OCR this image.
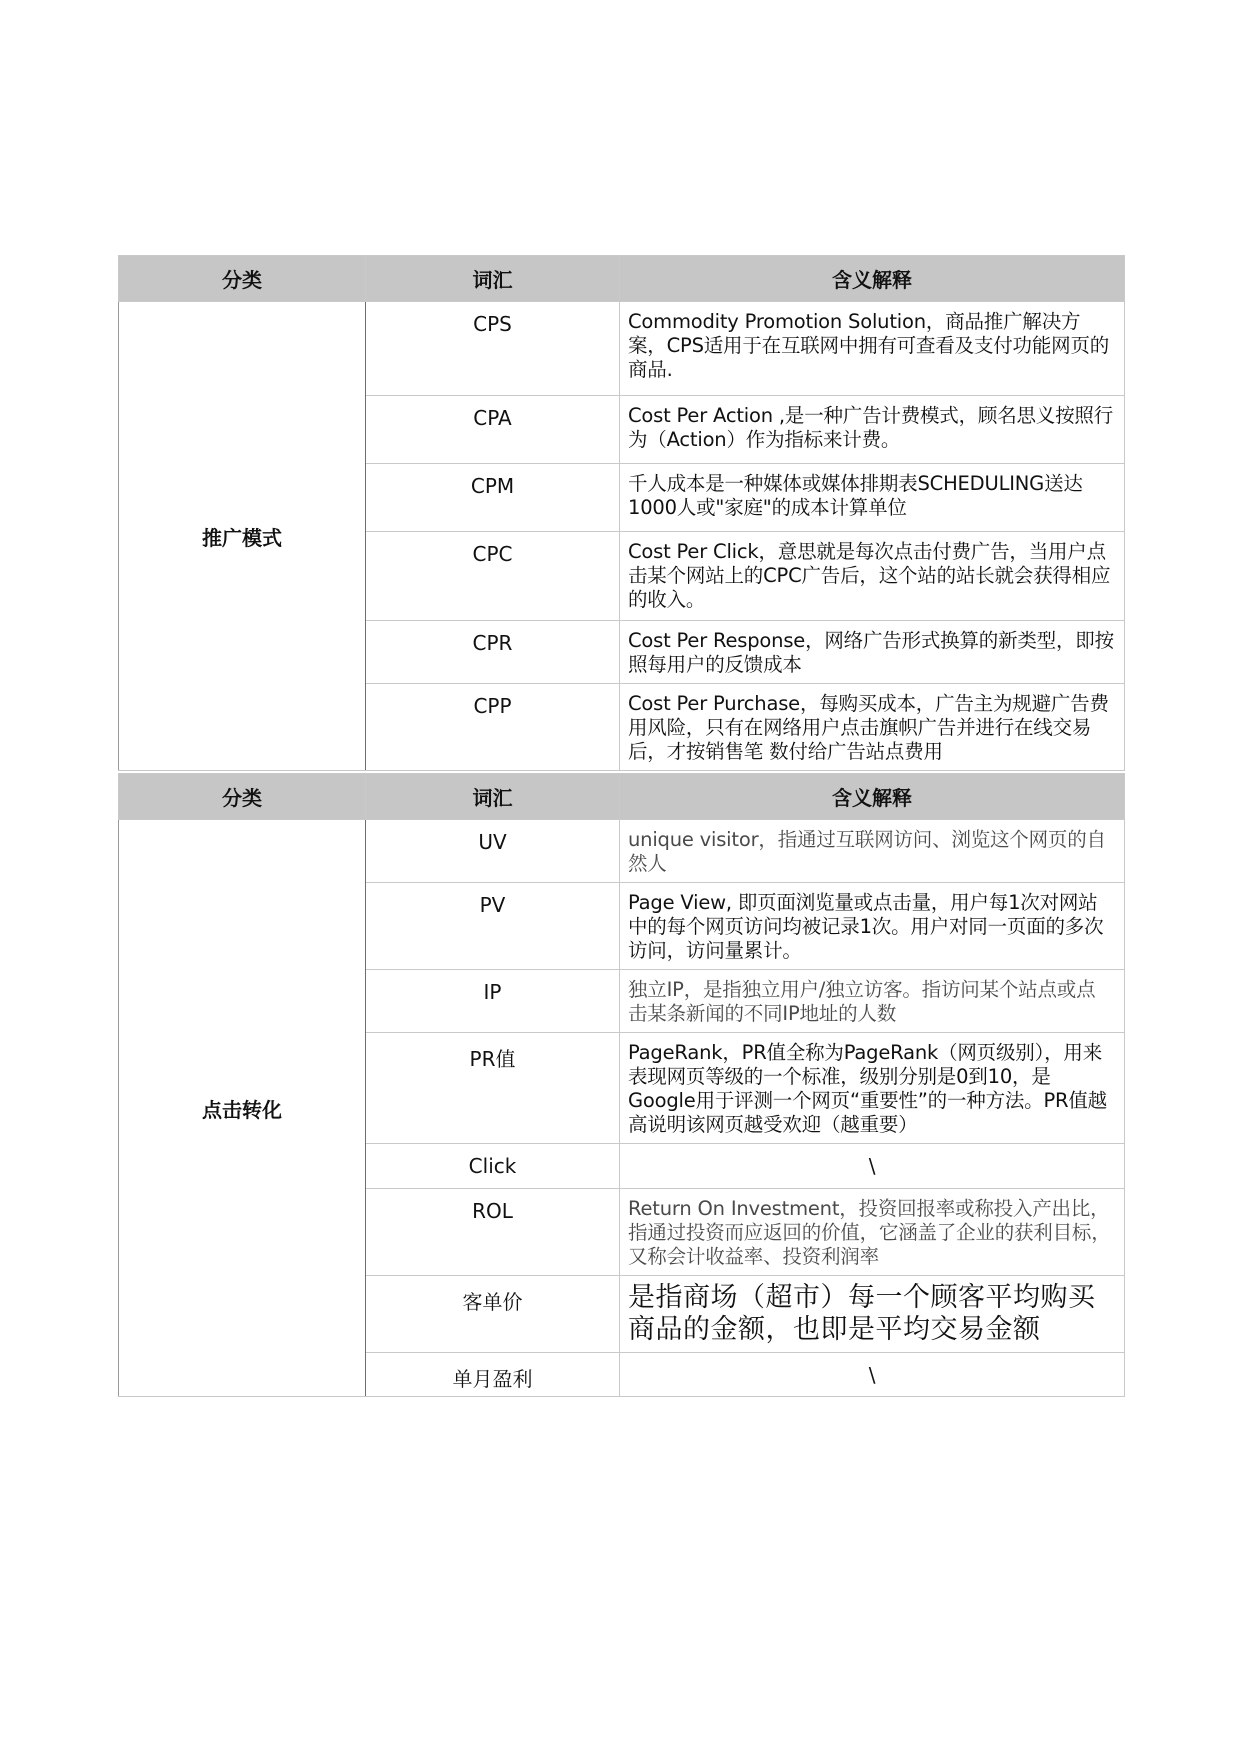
分类	词汇	含义解释
推广模式	CPS	Commodity Promotion Solution，商品推广解决方案，CPS适用于在互联网中拥有可查看及支付功能网页的商品.
	CPA	Cost Per Action ,是一种广告计费模式，顾名思义按照行为（Action）作为指标来计费。
	CPM	千人成本是一种媒体或媒体排期表SCHEDULING送达1000人或"家庭"的成本计算单位
	CPC	Cost Per Click，意思就是每次点击付费广告，当用户点击某个网站上的CPC广告后，这个站的站长就会获得相应的收入。
	CPR	Cost Per Response，网络广告形式换算的新类型，即按照每用户的反馈成本
	CPP	Cost Per Purchase，每购买成本，广告主为规避广告费用风险，只有在网络用户点击旗帜广告并进行在线交易后，才按销售笔 数付给广告站点费用
分类	词汇	含义解释
点击转化	UV	unique visitor，指通过互联网访问、浏览这个网页的自然人
	PV	Page View, 即页面浏览量或点击量，用户每1次对网站中的每个网页访问均被记录1次。用户对同一页面的多次访问，访问量累计。
	IP	独立IP，是指独立用户/独立访客。指访问某个站点或点击某条新闻的不同IP地址的人数
	PR值	PageRank，PR值全称为PageRank（网页级别），用来表现网页等级的一个标准，级别分别是0到10，是Google用于评测一个网页“重要性”的一种方法。PR值越高说明该网页越受欢迎（越重要）
	Click	\
	ROL	Return On Investment，投资回报率或称投入产出比，指通过投资而应返回的价值，它涵盖了企业的获利目标，又称会计收益率、投资利润率
	客单价	是指商场（超市）每一个顾客平均购买商品的金额，也即是平均交易金额
	单月盈利	\
